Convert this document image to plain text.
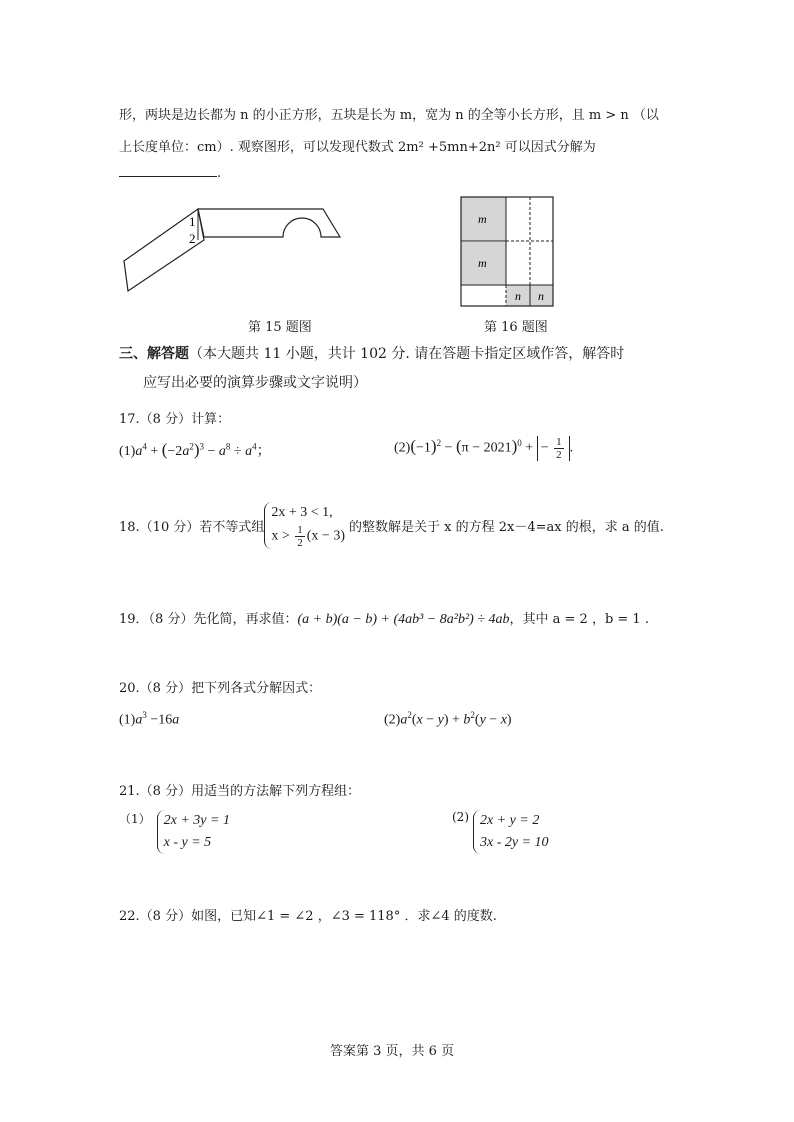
形，两块是边长都为 n 的小正方形，五块是长为 m，宽为 n 的全等小长方形，且 m > n （以
上长度单位：cm）. 观察图形，可以发现代数式 2m² +5mn+2n² 可以因式分解为
.
1
2
第 15 题图
m
m
n n
第 16 题图
三、解答题（本大题共 11 小题，共计 102 分. 请在答题卡指定区域作答，解答时
应写出必要的演算步骤或文字说明）
17.（8 分）计算：
$(1)a^4 + (-2a^2)^3 - a^8 \div a^4$；	$(2)(-1)^2 - (\pi - 2021)^0$ + − $\frac{1}{2}$ .
18.（10 分）若不等式组
2x + 3 < 1,
$x > \frac{1}{2} (x - 3)$
的整数解是关于 x 的方程 2x－4=ax 的根，求 a 的值.
19．（8 分）先化简，再求值：(a + b)(a − b) + (4ab³ − 8a²b²) ÷ 4ab，其中 a = 2 ，b = 1 .
20.（8 分）把下列各式分解因式：
$(1)a^3 -16a$	$(2)a^2(x - y) + b^2(y - x)$
21.（8 分）用适当的方法解下列方程组：
（1） 2x + 3y = 1
x - y = 5
(2) 2x + y = 2
3x - 2y = 10
22.（8 分）如图，已知∠1 = ∠2 ，∠3 = 118° ．求∠4 的度数.
答案第 3 页，共 6 页
